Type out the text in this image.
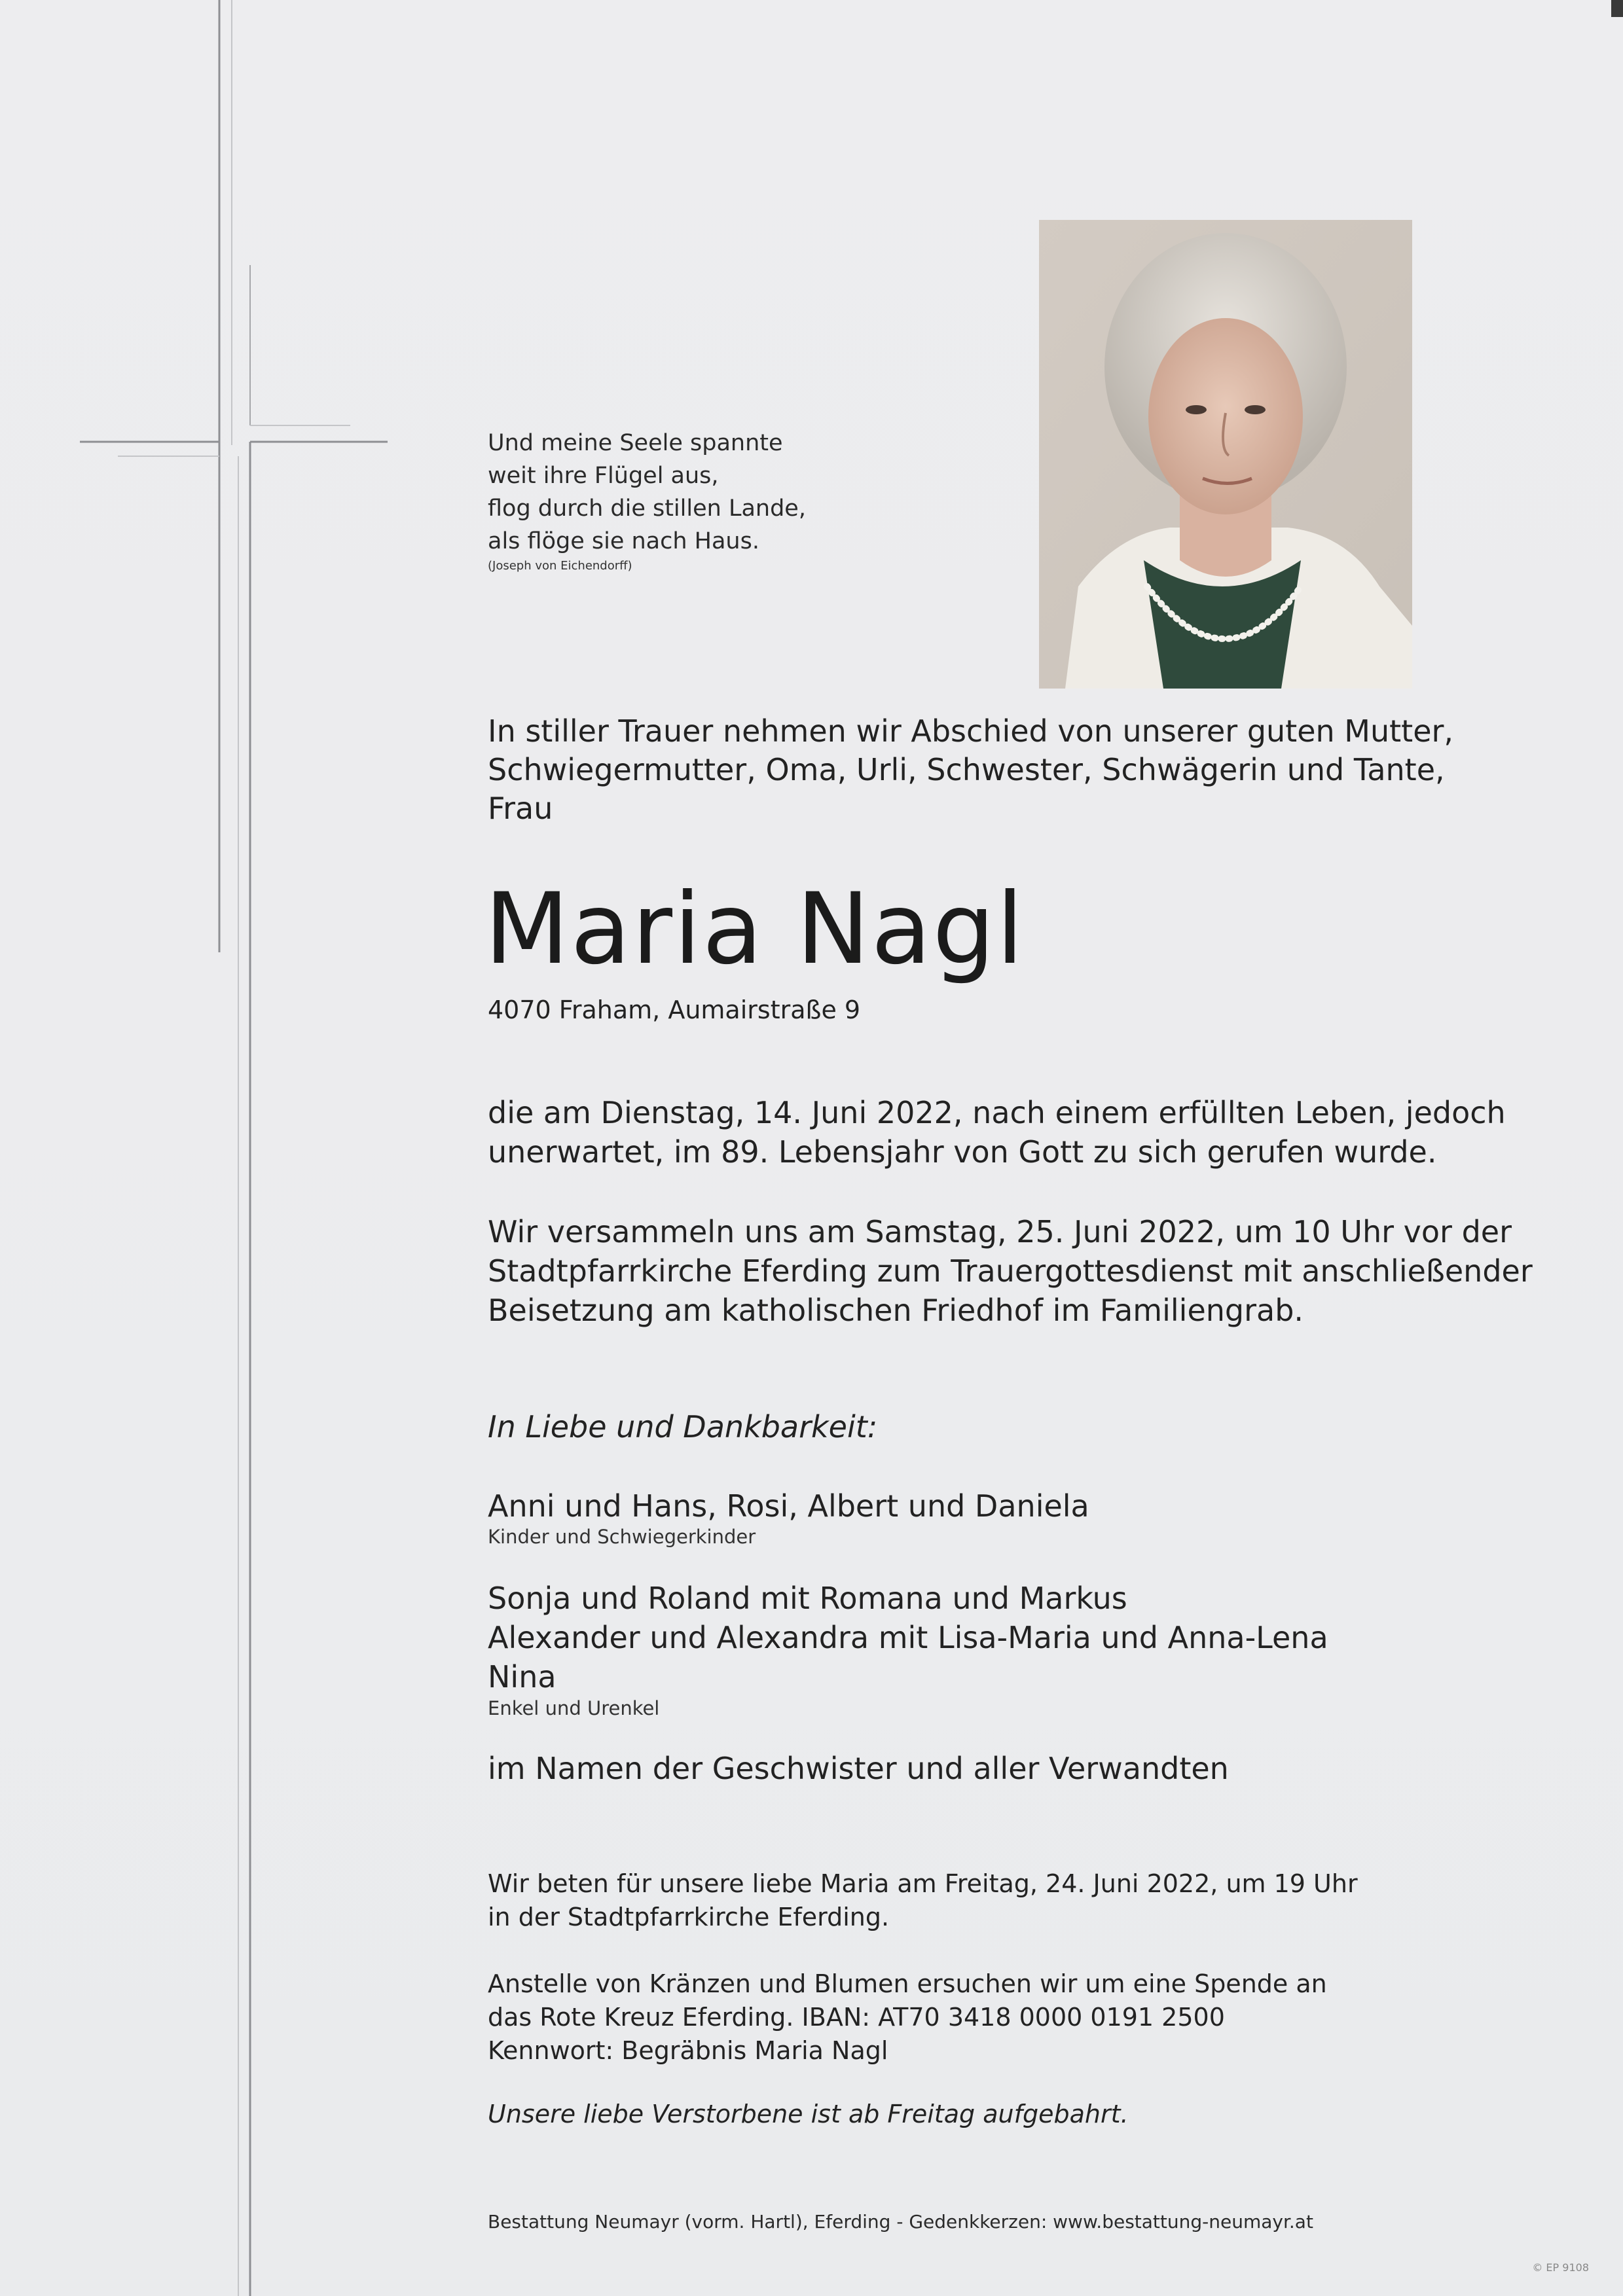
Und meine Seele spannte
weit ihre Flügel aus,
flog durch die stillen Lande,
als flöge sie nach Haus.
(Joseph von Eichendorff)
In stiller Trauer nehmen wir Abschied von unserer guten Mutter,
Schwiegermutter, Oma, Urli, Schwester, Schwägerin und Tante,
Frau
Maria Nagl
4070 Fraham, Aumairstraße 9
die am Dienstag, 14. Juni 2022, nach einem erfüllten Leben, jedoch
unerwartet, im 89. Lebensjahr von Gott zu sich gerufen wurde.
Wir versammeln uns am Samstag, 25. Juni 2022, um 10 Uhr vor der
Stadtpfarrkirche Eferding zum Trauergottesdienst mit anschließender
Beisetzung am katholischen Friedhof im Familiengrab.
In Liebe und Dankbarkeit:
Anni und Hans, Rosi, Albert und Daniela
Kinder und Schwiegerkinder
Sonja und Roland mit Romana und Markus
Alexander und Alexandra mit Lisa-Maria und Anna-Lena
Nina
Enkel und Urenkel
im Namen der Geschwister und aller Verwandten
Wir beten für unsere liebe Maria am Freitag, 24. Juni 2022, um 19 Uhr
in der Stadtpfarrkirche Eferding.
Anstelle von Kränzen und Blumen ersuchen wir um eine Spende an
das Rote Kreuz Eferding. IBAN: AT70 3418 0000 0191 2500
Kennwort: Begräbnis Maria Nagl
Unsere liebe Verstorbene ist ab Freitag aufgebahrt.
Bestattung Neumayr (vorm. Hartl), Eferding - Gedenkkerzen: www.bestattung-neumayr.at
© EP 9108
